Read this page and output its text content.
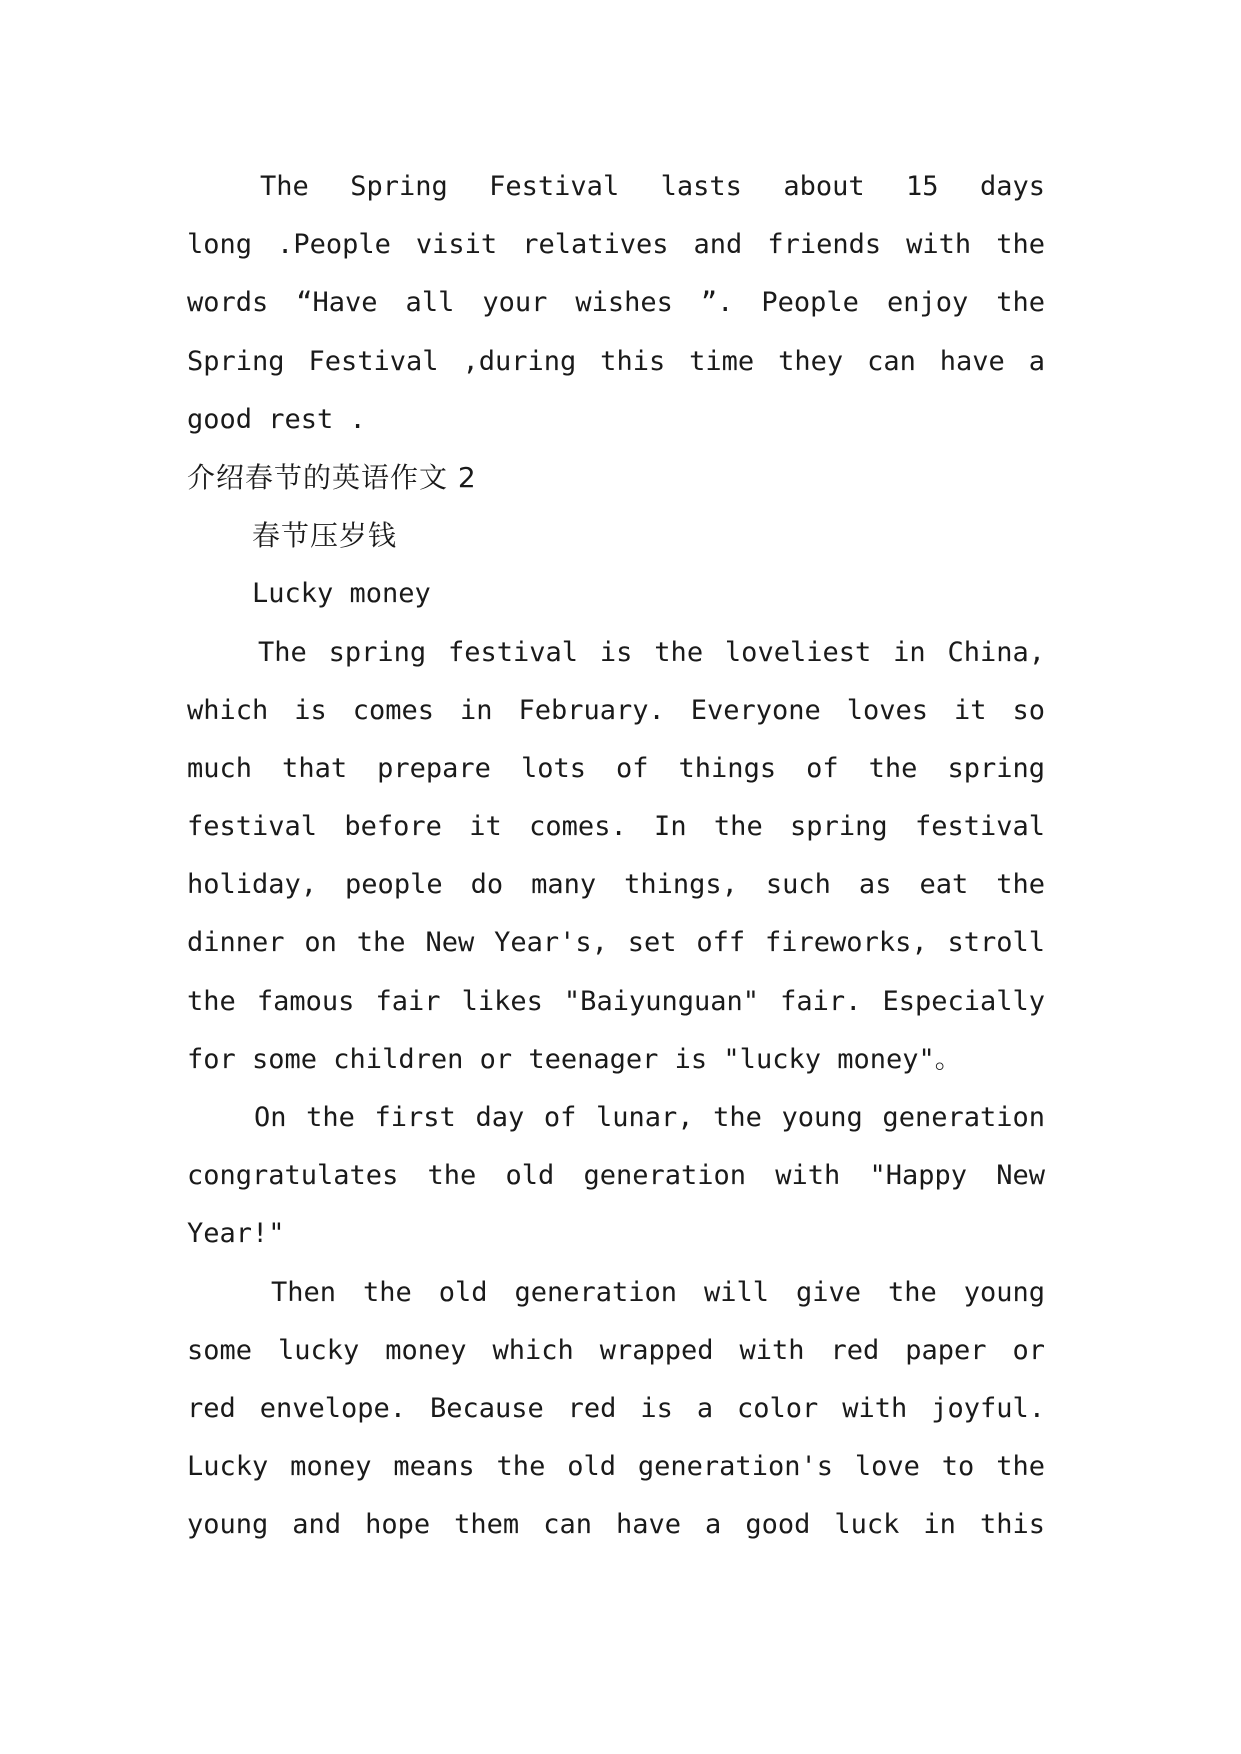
The Spring Festival lasts about 15 days
long .People visit relatives and friends with the
words “Have all your wishes ”. People enjoy the
Spring Festival ,during this time they can have a
good rest .
介绍春节的英语作文 2
春节压岁钱
Lucky money
The spring festival is the loveliest in China,
which is comes in February. Everyone loves it so
much that prepare lots of things of the spring
festival before it comes. In the spring festival
holiday, people do many things, such as eat the
dinner on the New Year's, set off fireworks, stroll
the famous fair likes "Baiyunguan" fair. Especially
for some children or teenager is "lucky money"。
On the first day of lunar, the young generation
congratulates the old generation with "Happy New
Year!"
Then the old generation will give the young
some lucky money which wrapped with red paper or
red envelope. Because red is a color with joyful.
Lucky money means the old generation's love to the
young and hope them can have a good luck in this
